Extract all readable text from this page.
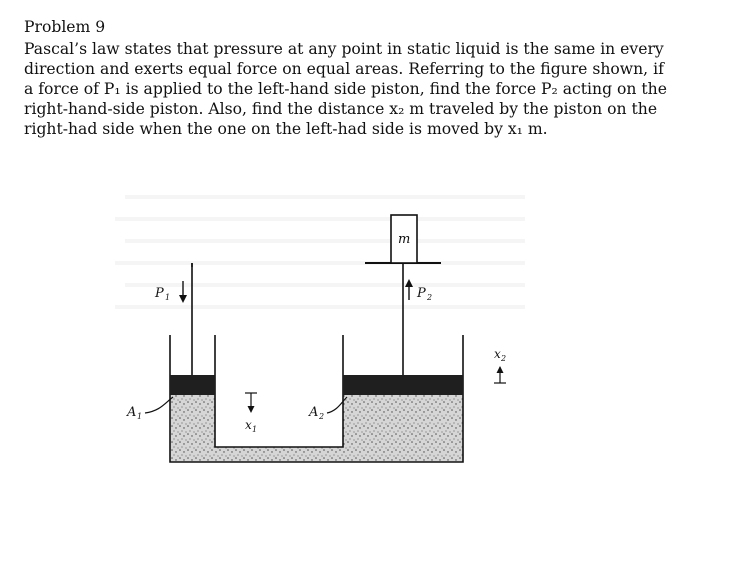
Problem 9

Pascal’s law states that pressure at any point in static liquid is the same in every

direction and exerts equal force on equal areas. Referring to the figure shown, if

a force of P₁ is applied to the left-hand side piston, find the force P₂ acting on the

right-hand-side piston. Also, find the distance x₂ m traveled by the piston on the

right-had side when the one on the left-had side is moved by x₁ m.

m
P 1	P 2
A 1	A 2
x 1
x 2
